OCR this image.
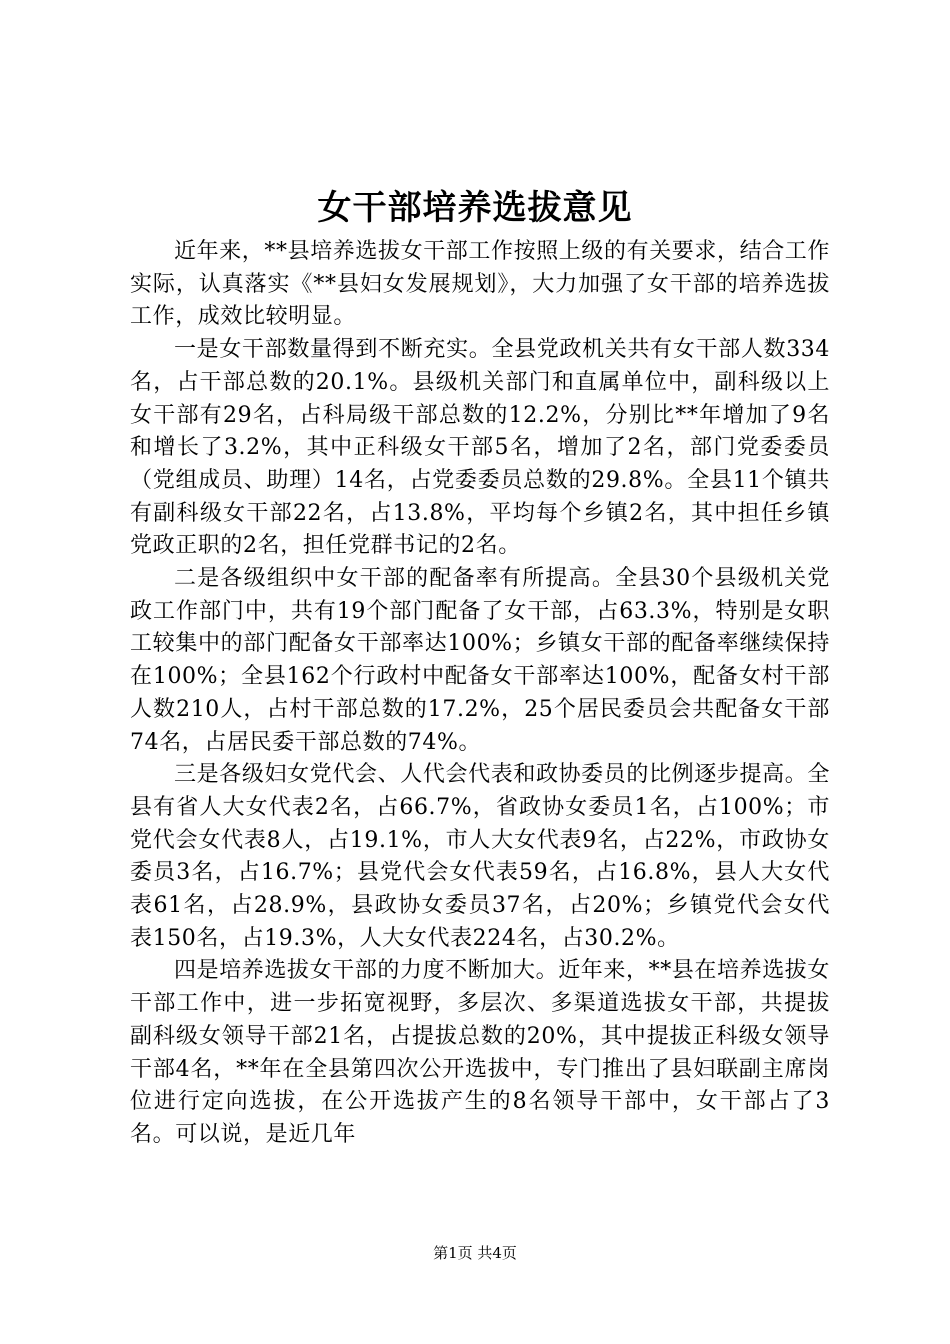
女干部培养选拔意见

近年来，**县培养选拔女干部工作按照上级的有关要求，结合工作实际，认真落实《**县妇女发展规划》，大力加强了女干部的培养选拔工作，成效比较明显。

一是女干部数量得到不断充实。全县党政机关共有女干部人数334名，占干部总数的20.1%。县级机关部门和直属单位中，副科级以上女干部有29名，占科局级干部总数的12.2%，分别比**年增加了9名和增长了3.2%，其中正科级女干部5名，增加了2名，部门党委委员（党组成员、助理）14名，占党委委员总数的29.8%。全县11个镇共有副科级女干部22名，占13.8%，平均每个乡镇2名，其中担任乡镇党政正职的2名，担任党群书记的2名。

二是各级组织中女干部的配备率有所提高。全县30个县级机关党政工作部门中，共有19个部门配备了女干部，占63.3%，特别是女职工较集中的部门配备女干部率达100%；乡镇女干部的配备率继续保持在100%；全县162个行政村中配备女干部率达100%，配备女村干部人数210人，占村干部总数的17.2%，25个居民委员会共配备女干部74名，占居民委干部总数的74%。

三是各级妇女党代会、人代会代表和政协委员的比例逐步提高。全县有省人大女代表2名，占66.7%，省政协女委员1名，占100%；市党代会女代表8人，占19.1%，市人大女代表9名，占22%，市政协女委员3名，占16.7%；县党代会女代表59名，占16.8%，县人大女代表61名，占28.9%，县政协女委员37名，占20%；乡镇党代会女代表150名，占19.3%，人大女代表224名，占30.2%。

四是培养选拔女干部的力度不断加大。近年来，**县在培养选拔女干部工作中，进一步拓宽视野，多层次、多渠道选拔女干部，共提拔副科级女领导干部21名，占提拔总数的20%，其中提拔正科级女领导干部4名，**年在全县第四次公开选拔中，专门推出了县妇联副主席岗位进行定向选拔，在公开选拔产生的8名领导干部中，女干部占了3名。可以说，是近几年

第1页 共4页
